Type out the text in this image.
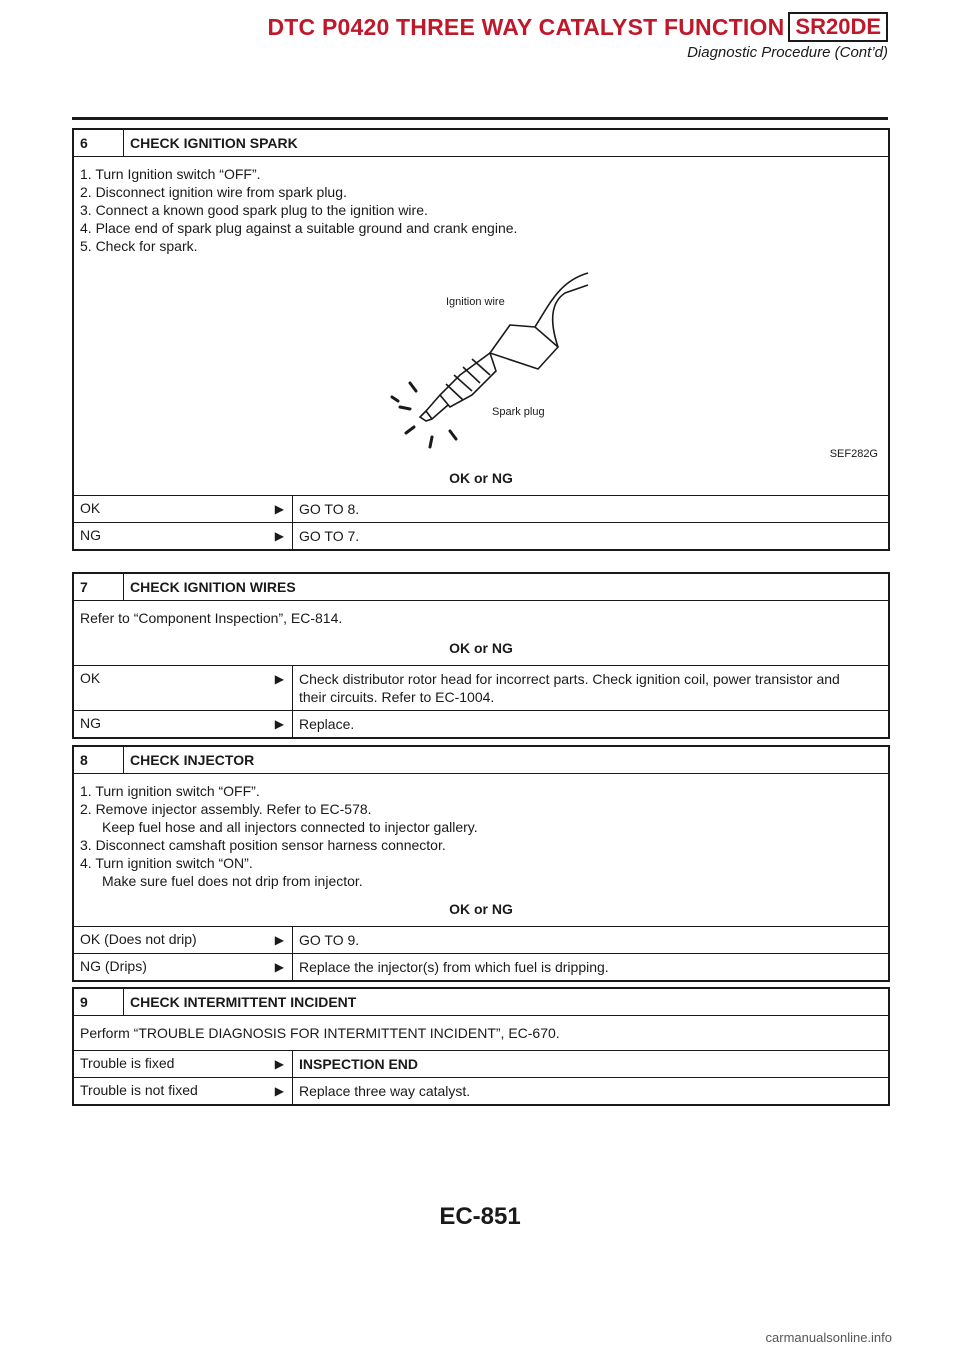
DTC P0420 THREE WAY CATALYST FUNCTION SR20DE
Diagnostic Procedure (Cont’d)
6	CHECK IGNITION SPARK
1. Turn Ignition switch “OFF”.
2. Disconnect ignition wire from spark plug.
3. Connect a known good spark plug to the ignition wire.
4. Place end of spark plug against a suitable ground and crank engine.
5. Check for spark.
Ignition wire
Spark plug
SEF282G
OK or NG
OK	▶	GO TO 8.
NG	▶	GO TO 7.
7	CHECK IGNITION WIRES
Refer to “Component Inspection”, EC-814.
OK or NG
OK	▶ Check distributor rotor head for incorrect parts. Check ignition coil, power transistor and
their circuits. Refer to EC-1004.
NG	▶	Replace.
8	CHECK INJECTOR
1. Turn ignition switch “OFF”.
2. Remove injector assembly. Refer to EC-578.
Keep fuel hose and all injectors connected to injector gallery.
3. Disconnect camshaft position sensor harness connector.
4. Turn ignition switch “ON”.
Make sure fuel does not drip from injector.
OK or NG
OK (Does not drip)	▶	GO TO 9.
NG (Drips)	▶	Replace the injector(s) from which fuel is dripping.
9	CHECK INTERMITTENT INCIDENT
Perform “TROUBLE DIAGNOSIS FOR INTERMITTENT INCIDENT”, EC-670.
Trouble is fixed	▶	INSPECTION END
Trouble is not fixed	▶	Replace three way catalyst.
EC-851
carmanualsonline.info
